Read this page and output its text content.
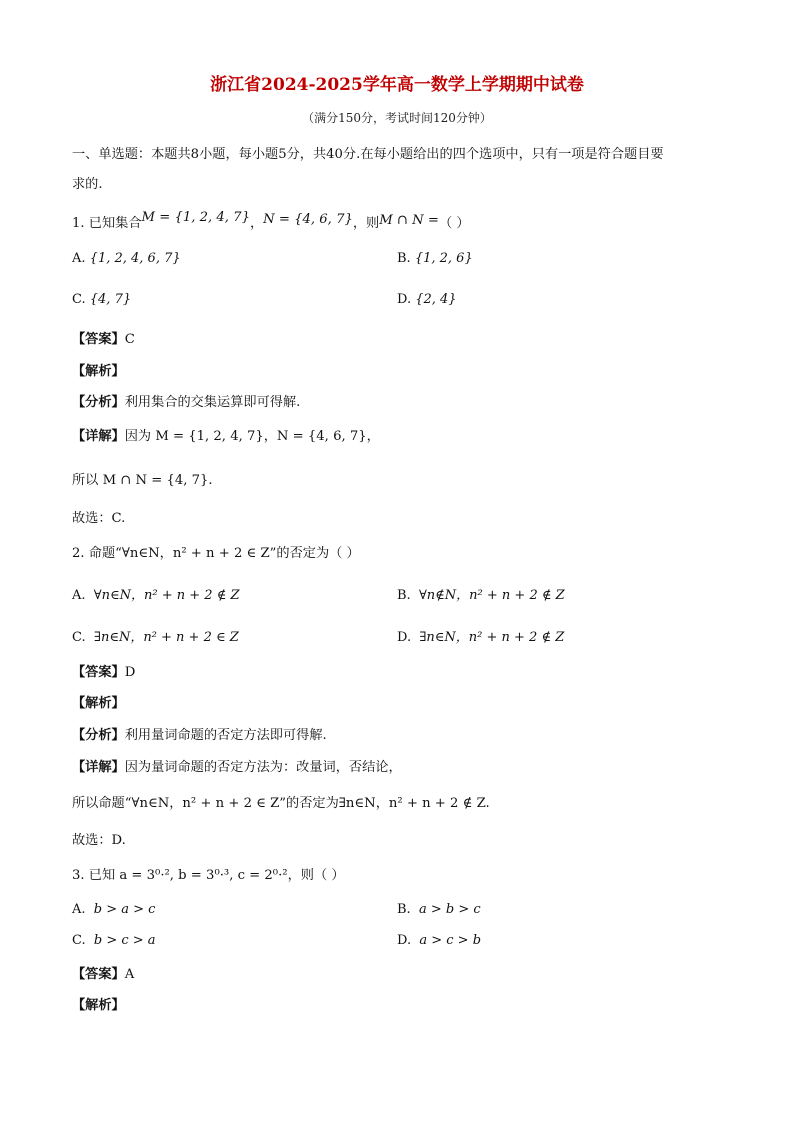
浙江省2024-2025学年高一数学上学期期中试卷
（满分150分，考试时间120分钟）
一、单选题：本题共8小题，每小题5分，共40分.在每小题给出的四个选项中，只有一项是符合题目要
求的.
1. 已知集合M = {1, 2, 4, 7}，N = {4, 6, 7}，则M ∩ N =（ ）
A. {1, 2, 4, 6, 7}	B. {1, 2, 6}
C. {4, 7}	D. {2, 4}
【答案】C
【解析】
【分析】利用集合的交集运算即可得解.
【详解】因为 M = {1, 2, 4, 7}，N = {4, 6, 7}，
所以 M ∩ N = {4, 7}.
故选：C.
2. 命题“∀n∈N，n² + n + 2 ∈ Z”的否定为（ ）
A. ∀n∈N，n² + n + 2 ∉ Z	B. ∀n∉N，n² + n + 2 ∉ Z
C. ∃n∈N，n² + n + 2 ∈ Z	D. ∃n∈N，n² + n + 2 ∉ Z
【答案】D
【解析】
【分析】利用量词命题的否定方法即可得解.
【详解】因为量词命题的否定方法为：改量词，否结论，
所以命题“∀n∈N，n² + n + 2 ∈ Z”的否定为∃n∈N，n² + n + 2 ∉ Z.
故选：D.
3. 已知 a = 3⁰·², b = 3⁰·³, c = 2⁰·²，则（ ）
A. b > a > c	B. a > b > c
C. b > c > a	D. a > c > b
【答案】A
【解析】
